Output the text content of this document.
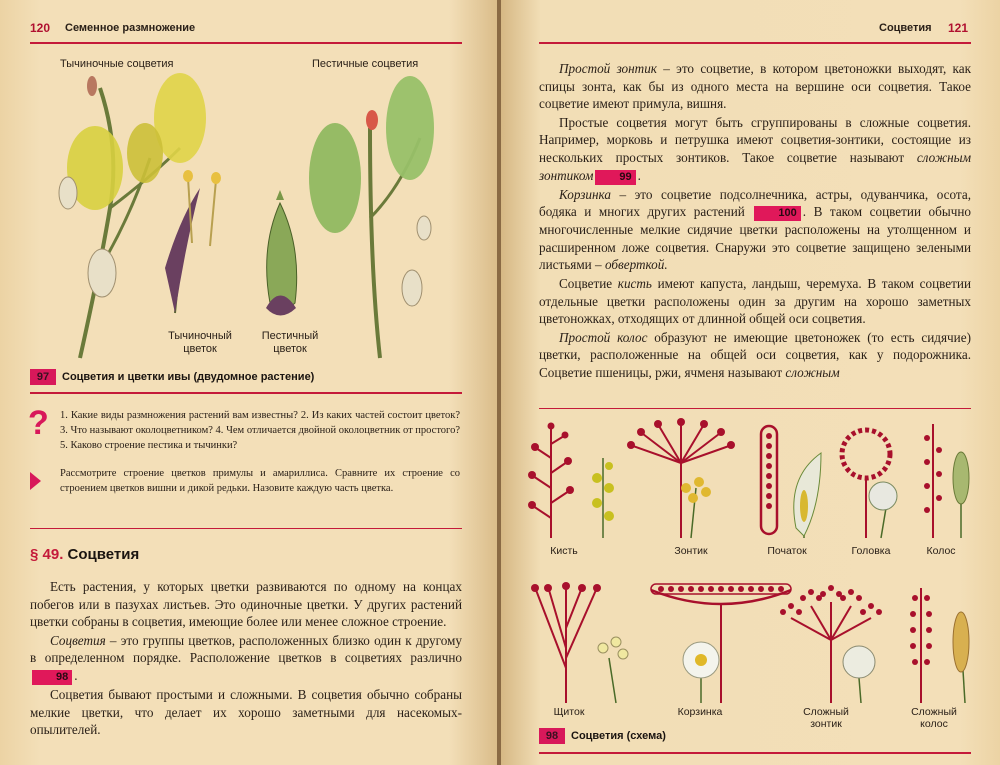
120 Семенное размножение
Тычиночные соцветия	Пестичные соцветия
Тычиночный
цветок
Пестичный
цветок
97	Соцветия и цветки ивы (двудомное растение)
? 1. Какие виды размножения растений вам известны? 2. Из каких частей состоит цветок? 3. Что называют околоцветником? 4. Чем отличается двойной околоцветник от простого? 5. Каково строение пестика и тычинки?
Рассмотрите строение цветков примулы и амариллиса. Сравните их строение со строением цветков вишни и дикой редьки. Назовите каждую часть цветка.
§ 49. Соцветия

Есть растения, у которых цветки развиваются по одному на концах побегов или в пазухах листьев. Это одиночные цветки. У других растений цветки собраны в соцветия, имеющие более или менее сложное строение.

Соцветия – это группы цветков, расположенных близко один к другому в определенном порядке. Расположение цветков в соцветиях различно 98 .

Соцветия бывают простыми и сложными. В соцветия обычно собраны мелкие цветки, что делает их хорошо заметными для насекомых-опылителей.

Соцветия 121

Простой зонтик – это соцветие, в котором цветоножки выходят, как спицы зонта, как бы из одного места на вершине оси соцветия. Такое соцветие имеют примула, вишня.

Простые соцветия могут быть сгруппированы в сложные соцветия. Например, морковь и петрушка имеют соцветия-зонтики, состоящие из нескольких простых зонтиков. Такое соцветие называют сложным зонтиком 99 .

Корзинка – это соцветие подсолнечника, астры, одуванчика, осота, бодяка и многих других растений 100 . В таком соцветии обычно многочисленные мелкие сидячие цветки расположены на утолщенном и расширенном ложе соцветия. Снаружи это соцветие защищено зелеными листьями – обверткой.

Соцветие кисть имеют капуста, ландыш, черемуха. В таком соцветии отдельные цветки расположены один за другим на хорошо заметных цветоножках, отходящих от длинной общей оси соцветия.

Простой колос образуют не имеющие цветоножек (то есть сидячие) цветки, расположенные на общей оси соцветия, как у подорожника. Соцветие пшеницы, ржи, ячменя называют сложным

Кисть	Зонтик	Початок	Головка	Колос
Щиток	Корзинка	Сложный
зонтик
Сложный
колос
98	Соцветия (схема)
